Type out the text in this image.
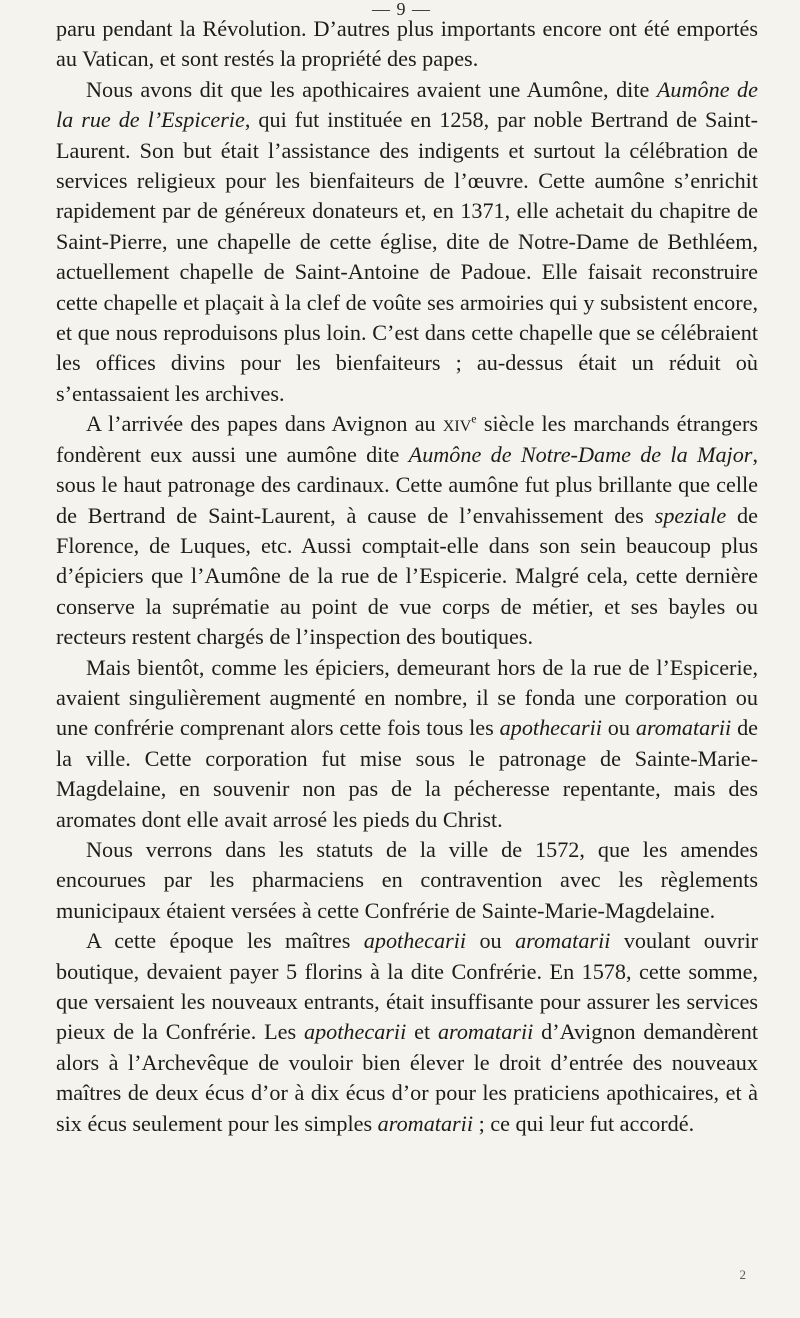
— 9 —

paru pendant la Révolution. D’autres plus importants encore ont été emportés au Vatican, et sont restés la propriété des papes.

Nous avons dit que les apothicaires avaient une Aumône, dite Aumône de la rue de l’Espicerie, qui fut instituée en 1258, par noble Bertrand de Saint-Laurent. Son but était l’assistance des indigents et surtout la célébration de services religieux pour les bienfaiteurs de l’œuvre. Cette aumône s’enrichit rapidement par de généreux donateurs et, en 1371, elle achetait du chapitre de Saint-Pierre, une chapelle de cette église, dite de Notre-Dame de Bethléem, actuellement chapelle de Saint-Antoine de Padoue. Elle faisait reconstruire cette chapelle et plaçait à la clef de voûte ses armoiries qui y subsistent encore, et que nous reproduisons plus loin. C’est dans cette chapelle que se célébraient les offices divins pour les bienfaiteurs ; au-dessus était un réduit où s’entassaient les archives.

A l’arrivée des papes dans Avignon au xiv$^e$ siècle les marchands étrangers fondèrent eux aussi une aumône dite Aumône de Notre-Dame de la Major, sous le haut patronage des cardinaux. Cette aumône fut plus brillante que celle de Bertrand de Saint-Laurent, à cause de l’envahissement des speziale de Florence, de Luques, etc. Aussi comptait-elle dans son sein beaucoup plus d’épiciers que l’Aumône de la rue de l’Espicerie. Malgré cela, cette dernière conserve la suprématie au point de vue corps de métier, et ses bayles ou recteurs restent chargés de l’inspection des boutiques.

Mais bientôt, comme les épiciers, demeurant hors de la rue de l’Espicerie, avaient singulièrement augmenté en nombre, il se fonda une corporation ou une confrérie comprenant alors cette fois tous les apothecarii ou aromatarii de la ville. Cette corporation fut mise sous le patronage de Sainte-Marie-Magdelaine, en souvenir non pas de la pécheresse repentante, mais des aromates dont elle avait arrosé les pieds du Christ.

Nous verrons dans les statuts de la ville de 1572, que les amendes encourues par les pharmaciens en contravention avec les règlements municipaux étaient versées à cette Confrérie de Sainte-Marie-Magdelaine.

A cette époque les maîtres apothecarii ou aromatarii voulant ouvrir boutique, devaient payer 5 florins à la dite Confrérie. En 1578, cette somme, que versaient les nouveaux entrants, était insuffisante pour assurer les services pieux de la Confrérie. Les apothecarii et aromatarii d’Avignon demandèrent alors à l’Archevêque de vouloir bien élever le droit d’entrée des nouveaux maîtres de deux écus d’or à dix écus d’or pour les praticiens apothicaires, et à six écus seulement pour les simples aromatarii ; ce qui leur fut accordé.

2
